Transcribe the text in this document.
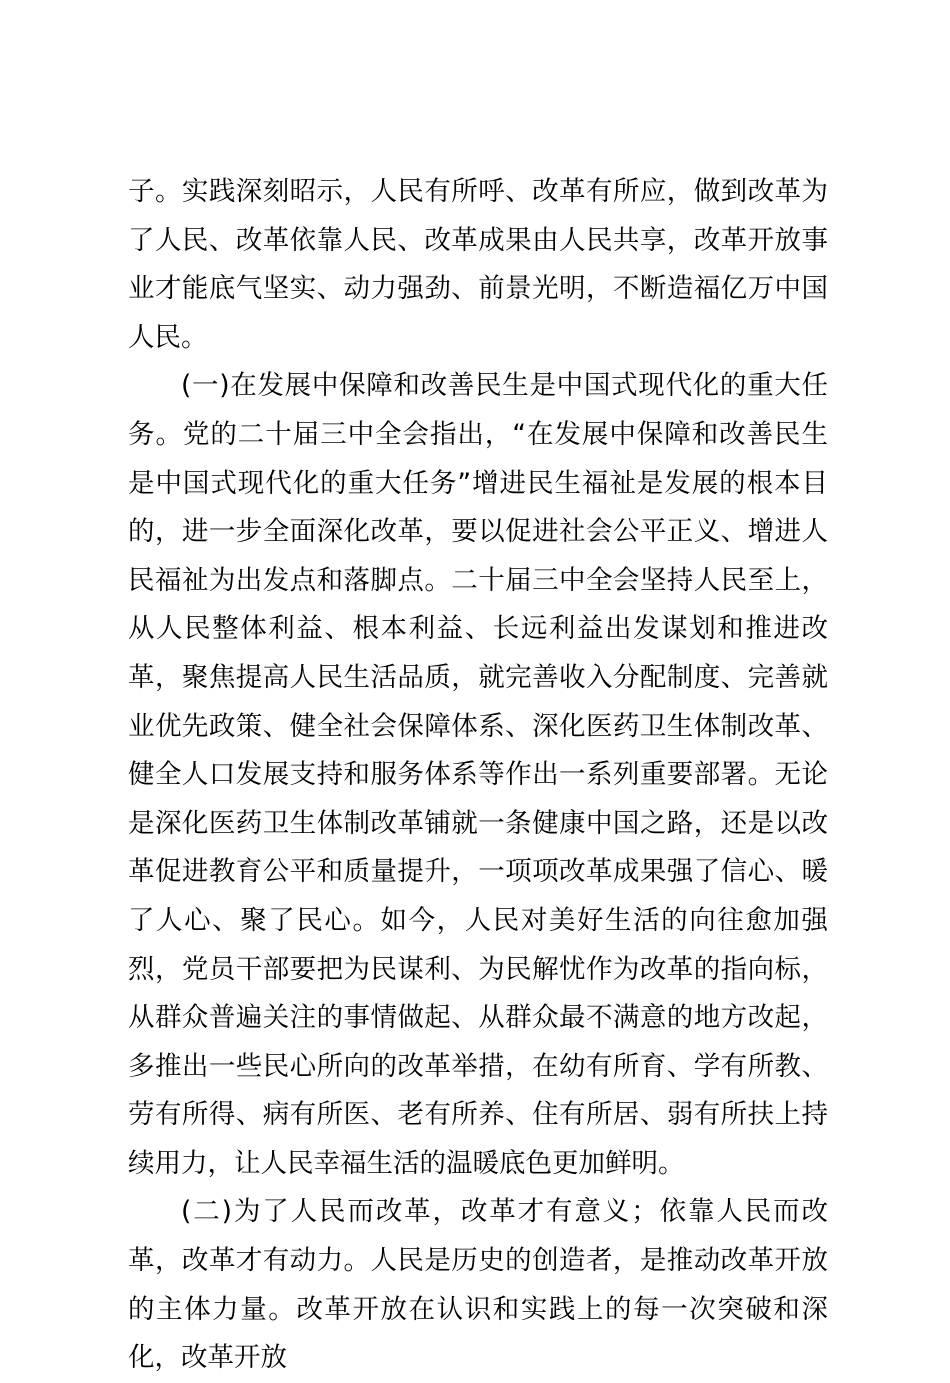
子。实践深刻昭示，人民有所呼、改革有所应，做到改革为了人民、改革依靠人民、改革成果由人民共享，改革开放事业才能底气坚实、动力强劲、前景光明，不断造福亿万中国人民。

(一)在发展中保障和改善民生是中国式现代化的重大任务。党的二十届三中全会指出，“在发展中保障和改善民生是中国式现代化的重大任务”增进民生福祉是发展的根本目的，进一步全面深化改革，要以促进社会公平正义、增进人民福祉为出发点和落脚点。二十届三中全会坚持人民至上，从人民整体利益、根本利益、长远利益出发谋划和推进改革，聚焦提高人民生活品质，就完善收入分配制度、完善就业优先政策、健全社会保障体系、深化医药卫生体制改革、健全人口发展支持和服务体系等作出一系列重要部署。无论是深化医药卫生体制改革铺就一条健康中国之路，还是以改革促进教育公平和质量提升，一项项改革成果强了信心、暖了人心、聚了民心。如今，人民对美好生活的向往愈加强烈，党员干部要把为民谋利、为民解忧作为改革的指向标，从群众普遍关注的事情做起、从群众最不满意的地方改起，多推出一些民心所向的改革举措，在幼有所育、学有所教、劳有所得、病有所医、老有所养、住有所居、弱有所扶上持续用力，让人民幸福生活的温暖底色更加鲜明。

(二)为了人民而改革，改革才有意义；依靠人民而改革，改革才有动力。人民是历史的创造者，是推动改革开放的主体力量。改革开放在认识和实践上的每一次突破和深化，改革开放
